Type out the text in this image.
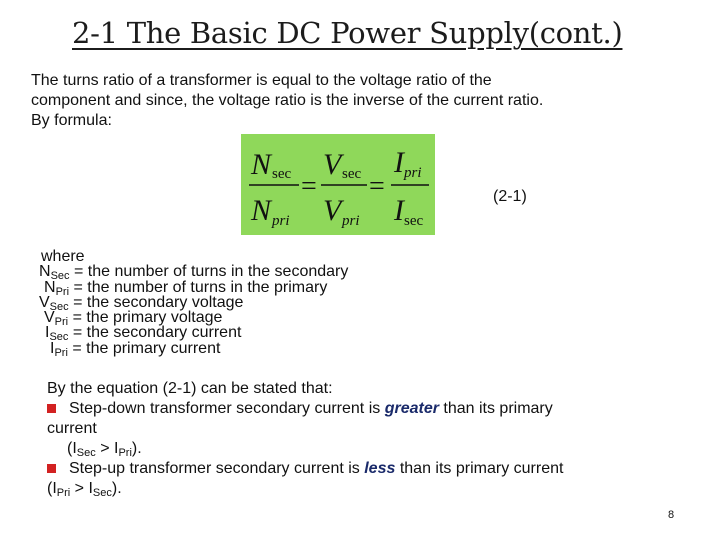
2-1 The Basic DC Power Supply(cont.)

The turns ratio of a transformer is equal to the voltage ratio of the

component and since, the voltage ratio is the inverse of the current ratio.

By formula:

N sec
N pri
=
V sec
V pri
=
I pri
I sec
(2-1)
where
$N_{Sec}$ = the number of turns in the secondary
$N_{Pri}$ = the number of turns in the primary
$V_{Sec}$ = the secondary voltage
$V_{Pri}$ = the primary voltage
$I_{Sec}$ = the secondary current
$I_{Pri}$ = the primary current

By the equation (2-1) can be stated that:

Step-down transformer secondary current is greater than its primary

current

$(I_{Sec} > I_{Pri})$.

Step-up transformer secondary current is less than its primary current

$(I_{Pri} > I_{Sec})$.

8
